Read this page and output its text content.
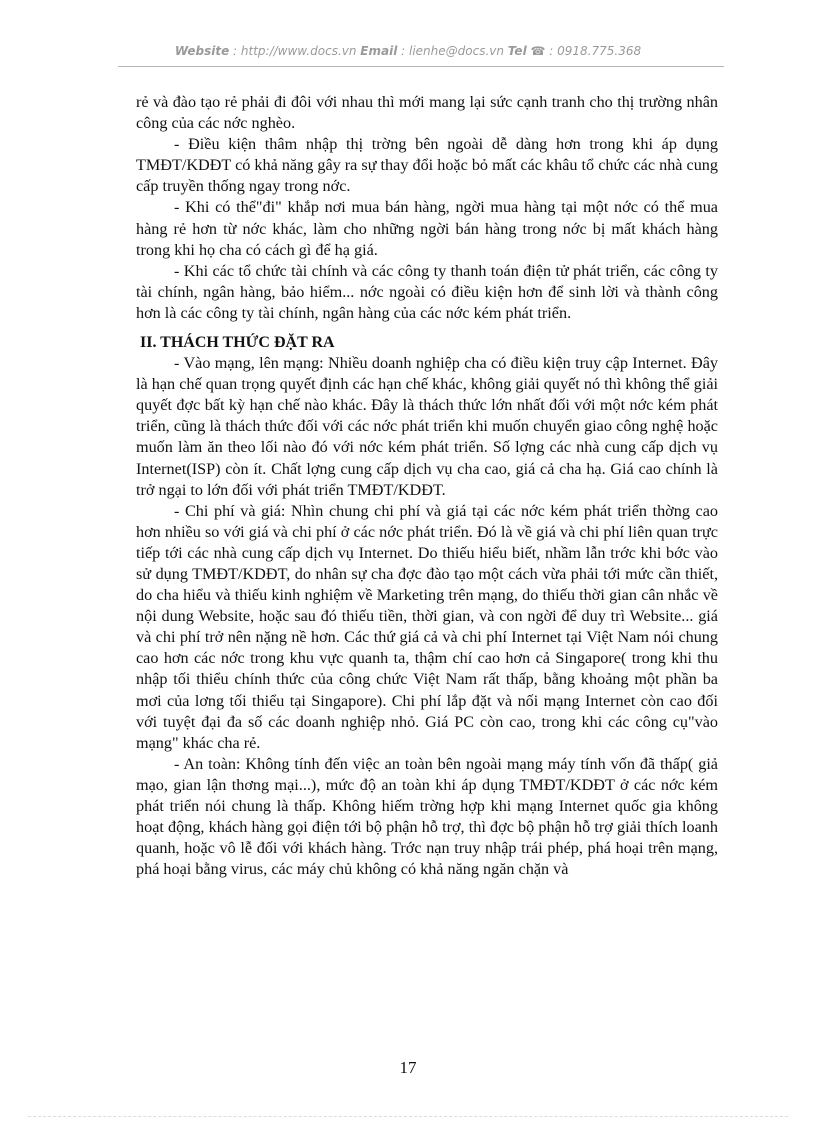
Website : http://www.docs.vn Email : lienhe@docs.vn Tel ☎ : 0918.775.368

rẻ và đào tạo rẻ phải đi đôi với nhau thì mới mang lại sức cạnh tranh cho thị trường nhân công của các nớc nghèo.

- Điều kiện thâm nhập thị trờng bên ngoài dễ dàng hơn trong khi áp dụng TMĐT/KDĐT có khả năng gây ra sự thay đổi hoặc bỏ mất các khâu tổ chức các nhà cung cấp truyền thống ngay trong nớc.

- Khi có thể"đi" khắp nơi mua bán hàng, ngời mua hàng tại một nớc có thể mua hàng rẻ hơn từ nớc khác, làm cho những ngời bán hàng trong nớc bị mất khách hàng trong khi họ cha có cách gì để hạ giá.

- Khi các tổ chức tài chính và các công ty thanh toán điện tử phát triển, các công ty tài chính, ngân hàng, bảo hiểm... nớc ngoài có điều kiện hơn để sinh lời và thành công hơn là các công ty tài chính, ngân hàng của các nớc kém phát triển.

II. THÁCH THỨC ĐẶT RA

- Vào mạng, lên mạng: Nhiều doanh nghiệp cha có điều kiện truy cập Internet. Đây là hạn chế quan trọng quyết định các hạn chế khác, không giải quyết nó thì không thể giải quyết đợc bất kỳ hạn chế nào khác. Đây là thách thức lớn nhất đối với một nớc kém phát triển, cũng là thách thức đối với các nớc phát triển khi muốn chuyển giao công nghệ hoặc muốn làm ăn theo lối nào đó với nớc kém phát triển. Số lợng các nhà cung cấp dịch vụ Internet(ISP) còn ít. Chất lợng cung cấp dịch vụ cha cao, giá cả cha hạ. Giá cao chính là trở ngại to lớn đối với phát triển TMĐT/KDĐT.

- Chi phí và giá: Nhìn chung chi phí và giá tại các nớc kém phát triển thờng cao hơn nhiều so với giá và chi phí ở các nớc phát triển. Đó là về giá và chi phí liên quan trực tiếp tới các nhà cung cấp dịch vụ Internet. Do thiếu hiểu biết, nhầm lẫn trớc khi bớc vào sử dụng TMĐT/KDĐT, do nhân sự cha đợc đào tạo một cách vừa phải tới mức cần thiết, do cha hiểu và thiếu kinh nghiệm về Marketing trên mạng, do thiếu thời gian cân nhắc về nội dung Website, hoặc sau đó thiếu tiền, thời gian, và con ngời để duy trì Website... giá và chi phí trở nên nặng nề hơn. Các thứ giá cả và chi phí Internet tại Việt Nam nói chung cao hơn các nớc trong khu vực quanh ta, thậm chí cao hơn cả Singapore( trong khi thu nhập tối thiểu chính thức của công chức Việt Nam rất thấp, bằng khoảng một phần ba mơi của lơng tối thiểu tại Singapore). Chi phí lắp đặt và nối mạng Internet còn cao đối với tuyệt đại đa số các doanh nghiệp nhỏ. Giá PC còn cao, trong khi các công cụ"vào mạng" khác cha rẻ.

- An toàn: Không tính đến việc an toàn bên ngoài mạng máy tính vốn đã thấp( giả mạo, gian lận thơng mại...), mức độ an toàn khi áp dụng TMĐT/KDĐT ở các nớc kém phát triển nói chung là thấp. Không hiếm trờng hợp khi mạng Internet quốc gia không hoạt động, khách hàng gọi điện tới bộ phận hỗ trợ, thì đợc bộ phận hỗ trợ giải thích loanh quanh, hoặc vô lễ đối với khách hàng. Trớc nạn truy nhập trái phép, phá hoại trên mạng, phá hoại bằng virus, các máy chủ không có khả năng ngăn chặn và

17
